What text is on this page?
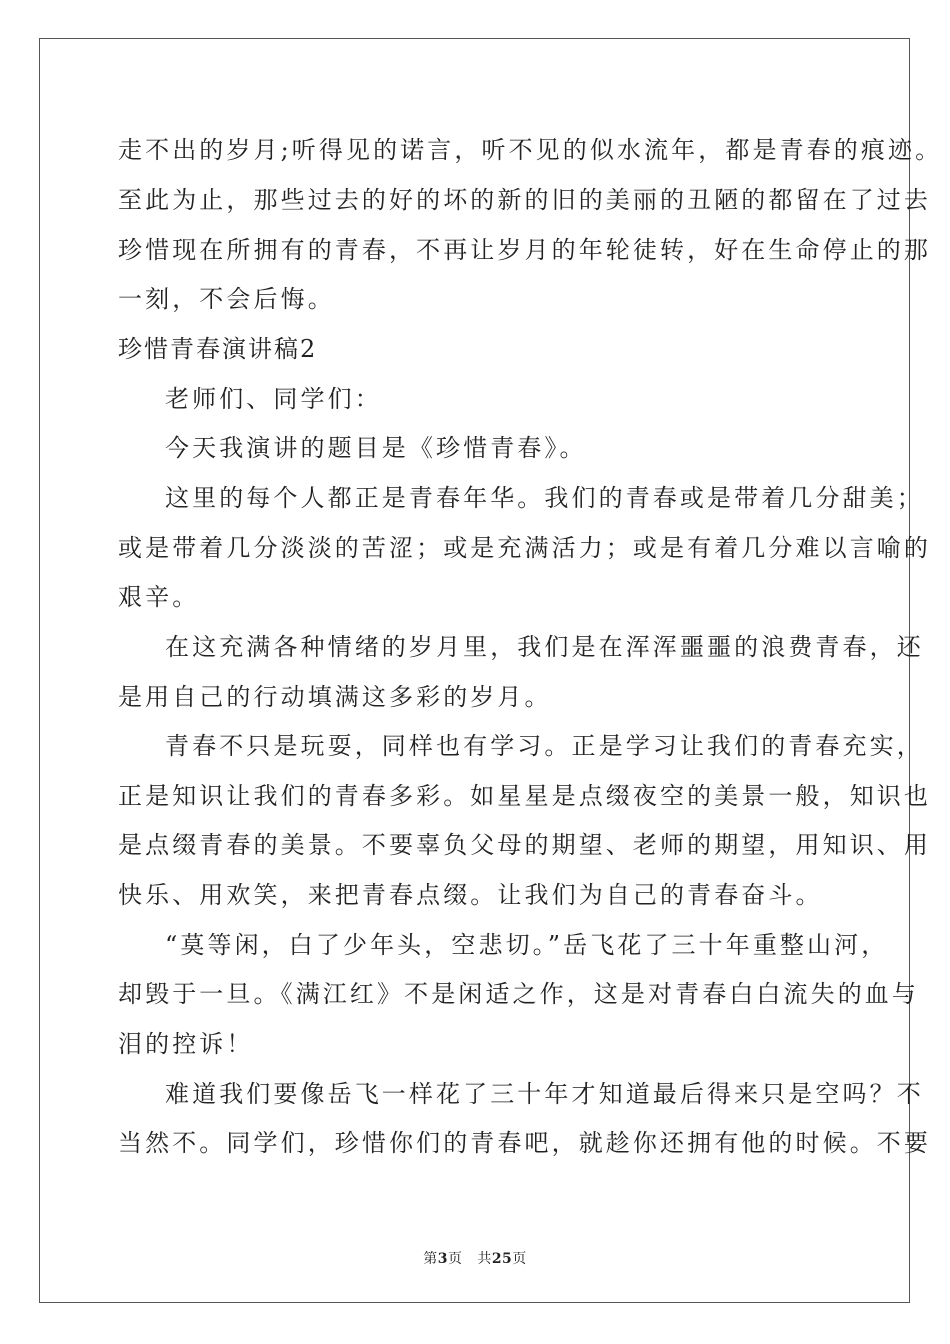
走不出的岁月;听得见的诺言，听不见的似水流年，都是青春的痕迹。
至此为止，那些过去的好的坏的新的旧的美丽的丑陋的都留在了过去
珍惜现在所拥有的青春，不再让岁月的年轮徒转，好在生命停止的那
一刻，不会后悔。
珍惜青春演讲稿2
老师们、同学们：
今天我演讲的题目是《珍惜青春》。
这里的每个人都正是青春年华。我们的青春或是带着几分甜美；
或是带着几分淡淡的苦涩；或是充满活力；或是有着几分难以言喻的
艰辛。
在这充满各种情绪的岁月里，我们是在浑浑噩噩的浪费青春，还
是用自己的行动填满这多彩的岁月。
青春不只是玩耍，同样也有学习。正是学习让我们的青春充实，
正是知识让我们的青春多彩。如星星是点缀夜空的美景一般，知识也
是点缀青春的美景。不要辜负父母的期望、老师的期望，用知识、用
快乐、用欢笑，来把青春点缀。让我们为自己的青春奋斗。
“莫等闲，白了少年头，空悲切。”岳飞花了三十年重整山河，
却毁于一旦。《满江红》不是闲适之作，这是对青春白白流失的血与
泪的控诉！
难道我们要像岳飞一样花了三十年才知道最后得来只是空吗？不
当然不。同学们，珍惜你们的青春吧，就趁你还拥有他的时候。不要
第3页 共25页
